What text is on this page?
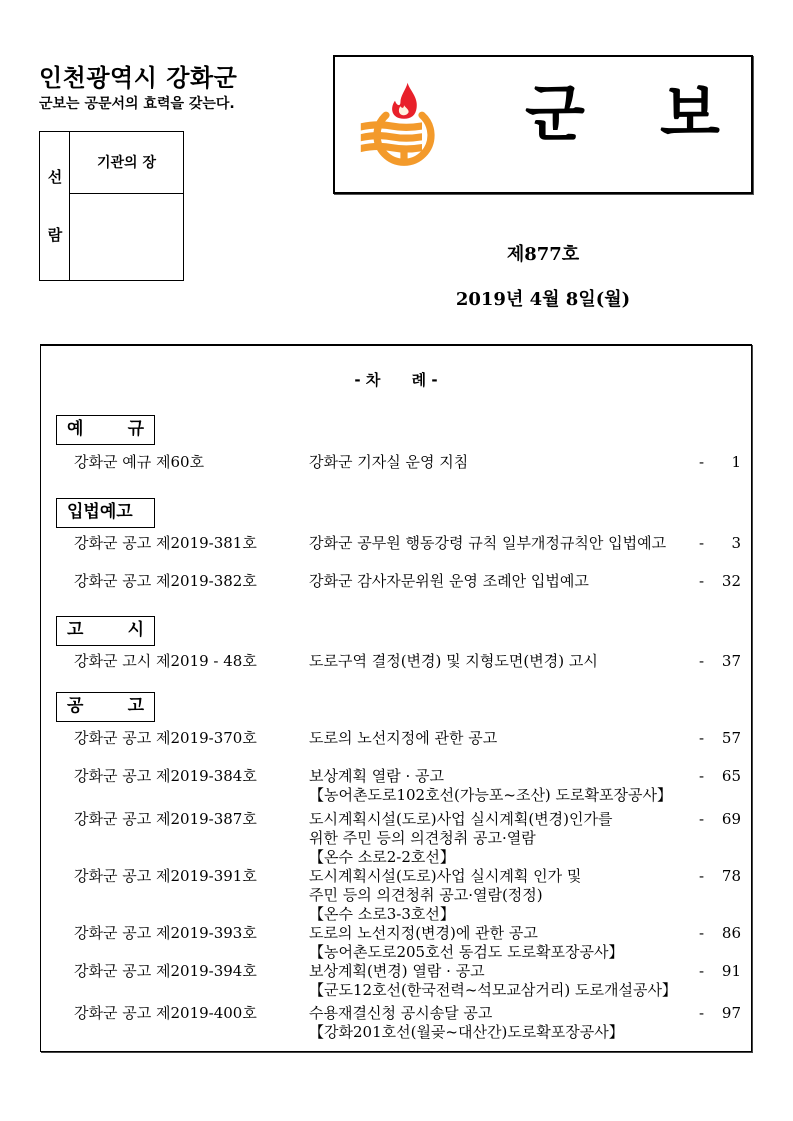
인천광역시 강화군
군보는 공문서의 효력을 갖는다.
선
람
기관의 장
군 보
제877호
2019년 4월 8일(월)
- 차      례 -
예	규
강화군 예규 제60호	강화군 기자실 운영 지침	- 1
입법예고
강화군 공고 제2019-381호	강화군 공무원 행동강령 규칙 일부개정규칙안 입법예고 - 3
강화군 공고 제2019-382호	강화군 감사자문위원 운영 조례안 입법예고	- 32
고	시
강화군 고시 제2019 - 48호	도로구역 결정(변경) 및 지형도면(변경) 고시	- 37
공	고
강화군 공고 제2019-370호	도로의 노선지정에 관한 공고	- 57
강화군 공고 제2019-384호	보상계획 열람 · 공고
【농어촌도로102호선(가능포~조산) 도로확포장공사】
- 65
강화군 공고 제2019-387호	도시계획시설(도로)사업 실시계획(변경)인가를
위한 주민 등의 의견청취 공고·열람
【온수 소로2-2호선】
- 69
강화군 공고 제2019-391호	도시계획시설(도로)사업 실시계획 인가 및
주민 등의 의견청취 공고·열람(정정)
【온수 소로3-3호선】
- 78
강화군 공고 제2019-393호	도로의 노선지정(변경)에 관한 공고
【농어촌도로205호선 동검도 도로확포장공사】
- 86
강화군 공고 제2019-394호	보상계획(변경) 열람 · 공고
【군도12호선(한국전력~석모교삼거리) 도로개설공사】
- 91
강화군 공고 제2019-400호	수용재결신청 공시송달 공고
【강화201호선(월곶~대산간)도로확포장공사】
- 97
